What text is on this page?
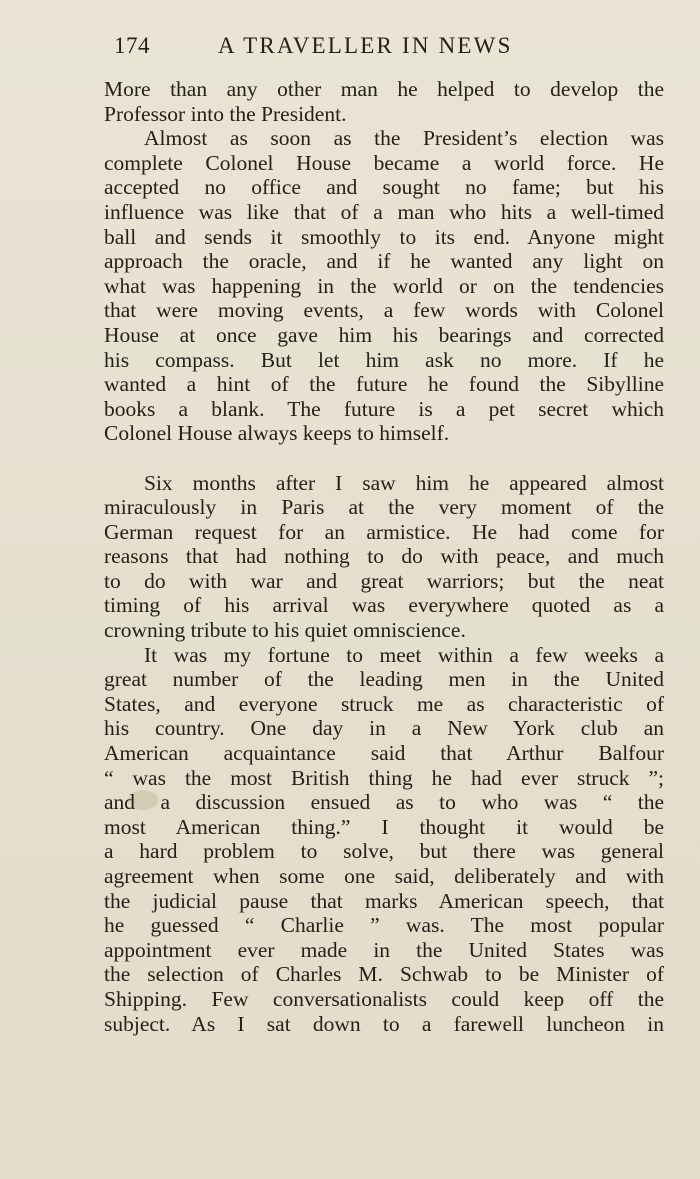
174	A TRAVELLER IN NEWS
More than any other man he helped to develop the
Professor into the President.
Almost as soon as the President’s election was
complete Colonel House became a world force. He
accepted no office and sought no fame; but his
influence was like that of a man who hits a well-timed
ball and sends it smoothly to its end. Anyone might
approach the oracle, and if he wanted any light on
what was happening in the world or on the tendencies
that were moving events, a few words with Colonel
House at once gave him his bearings and corrected
his compass. But let him ask no more. If he
wanted a hint of the future he found the Sibylline
books a blank. The future is a pet secret which
Colonel House always keeps to himself.
Six months after I saw him he appeared almost
miraculously in Paris at the very moment of the
German request for an armistice. He had come for
reasons that had nothing to do with peace, and much
to do with war and great warriors; but the neat
timing of his arrival was everywhere quoted as a
crowning tribute to his quiet omniscience.
It was my fortune to meet within a few weeks a
great number of the leading men in the United
States, and everyone struck me as characteristic of
his country. One day in a New York club an
American acquaintance said that Arthur Balfour
“ was the most British thing he had ever struck ”;
and a discussion ensued as to who was “ the
most American thing.” I thought it would be
a hard problem to solve, but there was general
agreement when some one said, deliberately and with
the judicial pause that marks American speech, that
he guessed “ Charlie ” was. The most popular
appointment ever made in the United States was
the selection of Charles M. Schwab to be Minister of
Shipping. Few conversationalists could keep off the
subject. As I sat down to a farewell luncheon in
